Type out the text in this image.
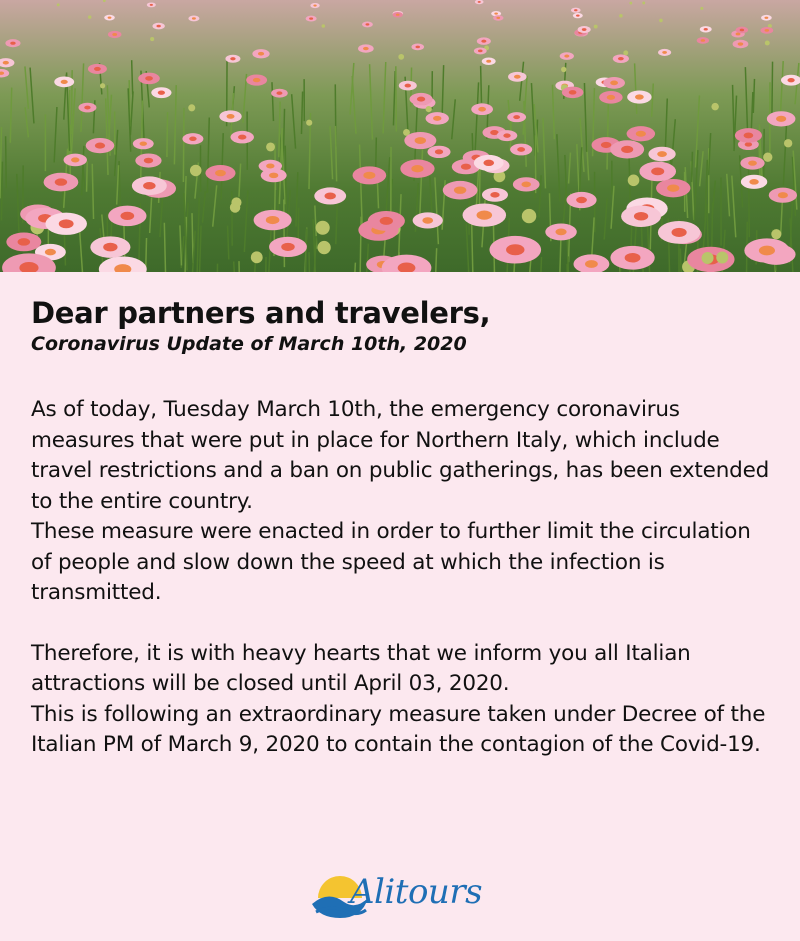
Dear partners and travelers,

Coronavirus Update of March 10th, 2020

As of today, Tuesday March 10th, the emergency coronavirus measures that were put in place for Northern Italy, which include travel restrictions and a ban on public gatherings, has been extended to the entire country.

These measure were enacted in order to further limit the circulation of people and slow down the speed at which the infection is transmitted.

Therefore, it is with heavy hearts that we inform you all Italian attractions will be closed until April 03, 2020.

This is following an extraordinary measure taken under Decree of the Italian PM of March 9, 2020 to contain the contagion of the Covid-19.

Alitours
